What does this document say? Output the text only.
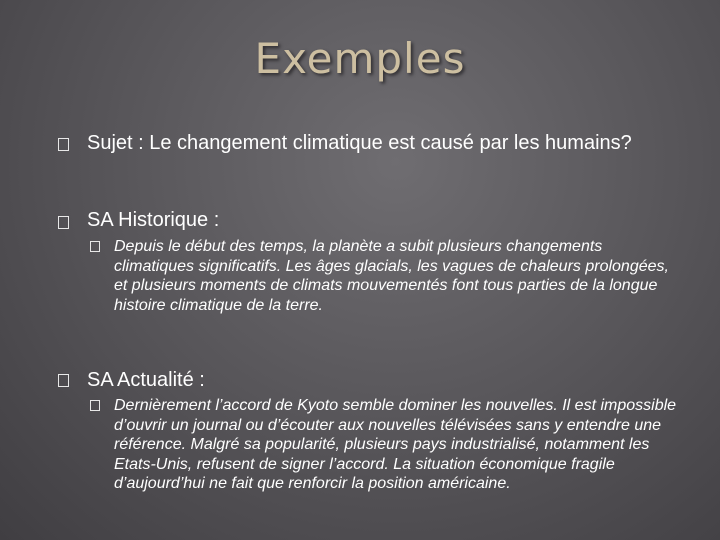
Exemples
Sujet : Le changement climatique est causé par les humains?
SA Historique :
Depuis le début des temps, la planète a subit plusieurs changements climatiques significatifs. Les âges glacials, les vagues de chaleurs prolongées, et plusieurs moments de climats mouvementés font tous parties de la longue histoire climatique de la terre.
SA Actualité :
Dernièrement l’accord de Kyoto semble dominer les nouvelles. Il est impossible d’ouvrir un journal ou d’écouter aux nouvelles télévisées sans y entendre une référence. Malgré sa popularité, plusieurs pays industrialisé, notamment les Etats-Unis, refusent de signer l’accord. La situation économique fragile d’aujourd’hui ne fait que renforcir la position américaine.
